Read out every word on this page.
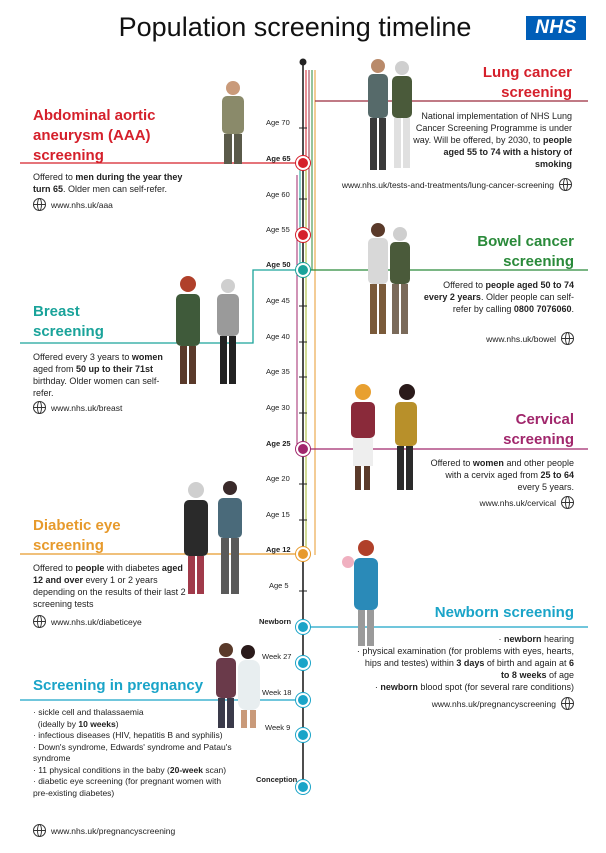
Population screening timeline	NHS
Age 70
Age 65
Age 60
Age 55
Age 50
Age 45
Age 40
Age 35
Age 30
Age 25
Age 20
Age 15
Age 12
Age 5
Newborn
Week 27
Week 18
Week 9
Conception
Abdominal aortic aneurysm (AAA) screening
Offered to men during the year they turn 65. Older men can self-refer.
www.nhs.uk/aaa
Lung cancer screening
National implementation of NHS Lung Cancer Screening Programme is under way. Will be offered, by 2030, to people aged 55 to 74 with a history of smoking
www.nhs.uk/tests-and-treatments/lung-cancer-screening
Bowel cancer screening
Offered to people aged 50 to 74 every 2 years. Older people can self-refer by calling 0800 7076060.
www.nhs.uk/bowel
Breast screening
Offered every 3 years to women aged from 50 up to their 71st birthday. Older women can self-refer.
www.nhs.uk/breast
Cervical screening
Offered to women and other people with a cervix aged from 25 to 64 every 5 years.
www.nhs.uk/cervical
Diabetic eye screening
Offered to people with diabetes aged 12 and over every 1 or 2 years depending on the results of their last 2 screening tests
www.nhs.uk/diabeticeye
Newborn screening
· newborn hearing
· physical examination (for problems with eyes, hearts, hips and testes) within 3 days of birth and again at 6 to 8 weeks of age
· newborn blood spot (for several rare conditions)
www.nhs.uk/pregnancyscreening
Screening in pregnancy
· sickle cell and thalassaemia
(ideally by 10 weeks)
· infectious diseases (HIV, hepatitis B and syphilis)
· Down's syndrome, Edwards' syndrome and Patau's syndrome
· 11 physical conditions in the baby (20-week scan)
· diabetic eye screening (for pregnant women with pre-existing diabetes)
www.nhs.uk/pregnancyscreening
